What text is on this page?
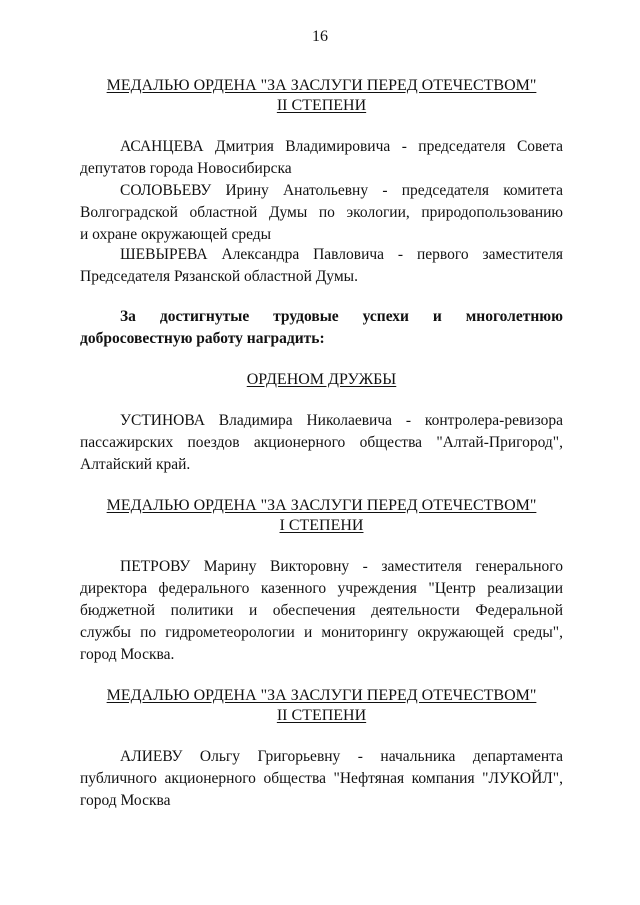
16
МЕДАЛЬЮ ОРДЕНА "ЗА ЗАСЛУГИ ПЕРЕД ОТЕЧЕСТВОМ"
II СТЕПЕНИ
АСАНЦЕВА Дмитрия Владимировича - председателя Совета
депутатов города Новосибирска
СОЛОВЬЕВУ Ирину Анатольевну - председателя комитета
Волгоградской областной Думы по экологии, природопользованию
и охране окружающей среды
ШЕВЫРЕВА Александра Павловича - первого заместителя
Председателя Рязанской областной Думы.
За достигнутые трудовые успехи и многолетнюю
добросовестную работу наградить:
ОРДЕНОМ ДРУЖБЫ
УСТИНОВА Владимира Николаевича - контролера-ревизора
пассажирских поездов акционерного общества "Алтай-Пригород",
Алтайский край.
МЕДАЛЬЮ ОРДЕНА "ЗА ЗАСЛУГИ ПЕРЕД ОТЕЧЕСТВОМ"
I СТЕПЕНИ
ПЕТРОВУ Марину Викторовну - заместителя генерального
директора федерального казенного учреждения "Центр реализации
бюджетной политики и обеспечения деятельности Федеральной
службы по гидрометеорологии и мониторингу окружающей среды",
город Москва.
МЕДАЛЬЮ ОРДЕНА "ЗА ЗАСЛУГИ ПЕРЕД ОТЕЧЕСТВОМ"
II СТЕПЕНИ
АЛИЕВУ Ольгу Григорьевну - начальника департамента
публичного акционерного общества "Нефтяная компания "ЛУКОЙЛ",
город Москва
